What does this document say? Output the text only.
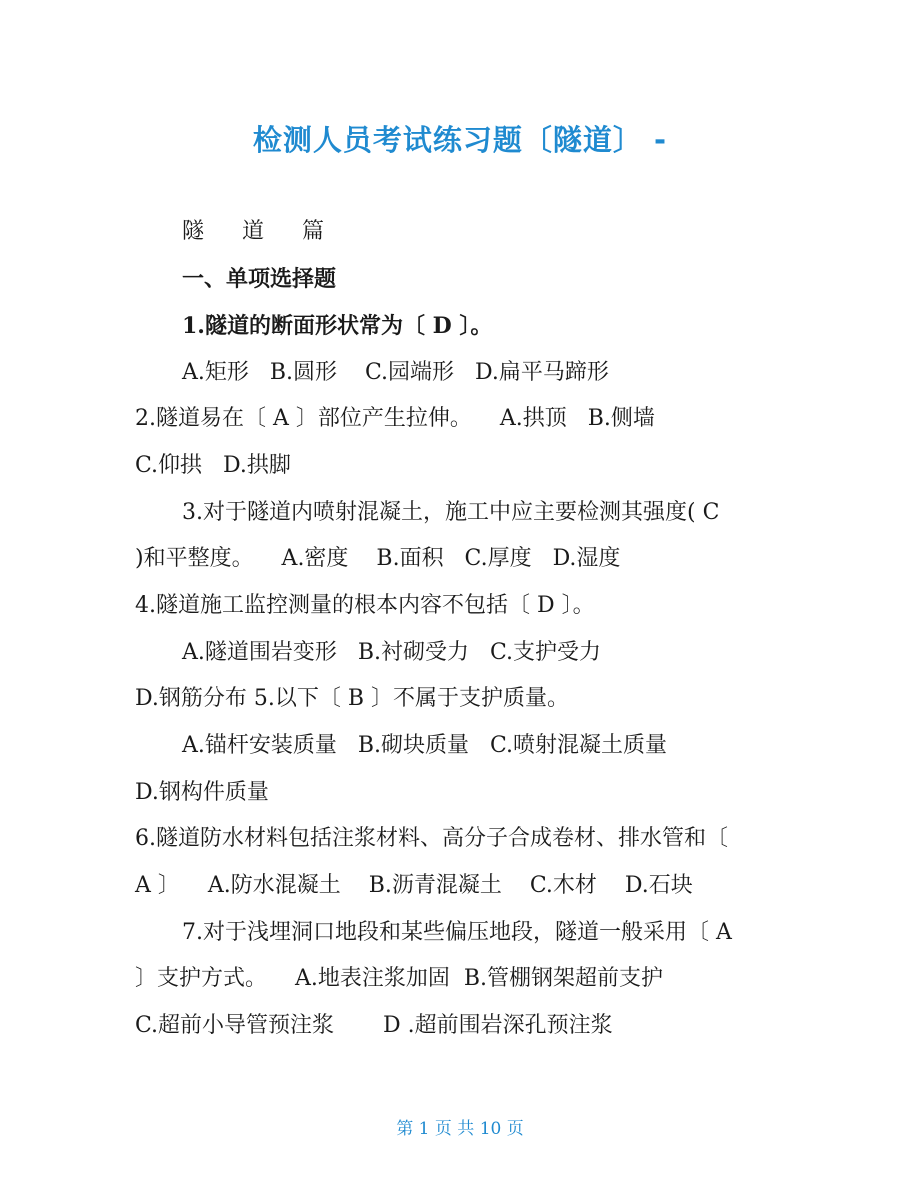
检测人员考试练习题〔隧道〕 -
隧    道    篇
一、单项选择题
1.隧道的断面形状常为〔 D 〕。
A.矩形   B.圆形    C.园端形   D.扁平马蹄形
2.隧道易在〔 A 〕部位产生拉伸。    A.拱顶   B.侧墙
C.仰拱   D.拱脚
3.对于隧道内喷射混凝土，施工中应主要检测其强度( C
)和平整度。    A.密度    B.面积   C.厚度   D.湿度
4.隧道施工监控测量的根本内容不包括〔 D 〕。
A.隧道围岩变形   B.衬砌受力   C.支护受力
D.钢筋分布 5.以下〔 B 〕不属于支护质量。
A.锚杆安装质量   B.砌块质量   C.喷射混凝土质量
D.钢构件质量
6.隧道防水材料包括注浆材料、高分子合成卷材、排水管和〔
A 〕    A.防水混凝土    B.沥青混凝土    C.木材    D.石块
7.对于浅埋洞口地段和某些偏压地段，隧道一般采用〔 A
〕支护方式。    A.地表注浆加固  B.管棚钢架超前支护
C.超前小导管预注浆       D .超前围岩深孔预注浆
第 1 页 共 10 页
